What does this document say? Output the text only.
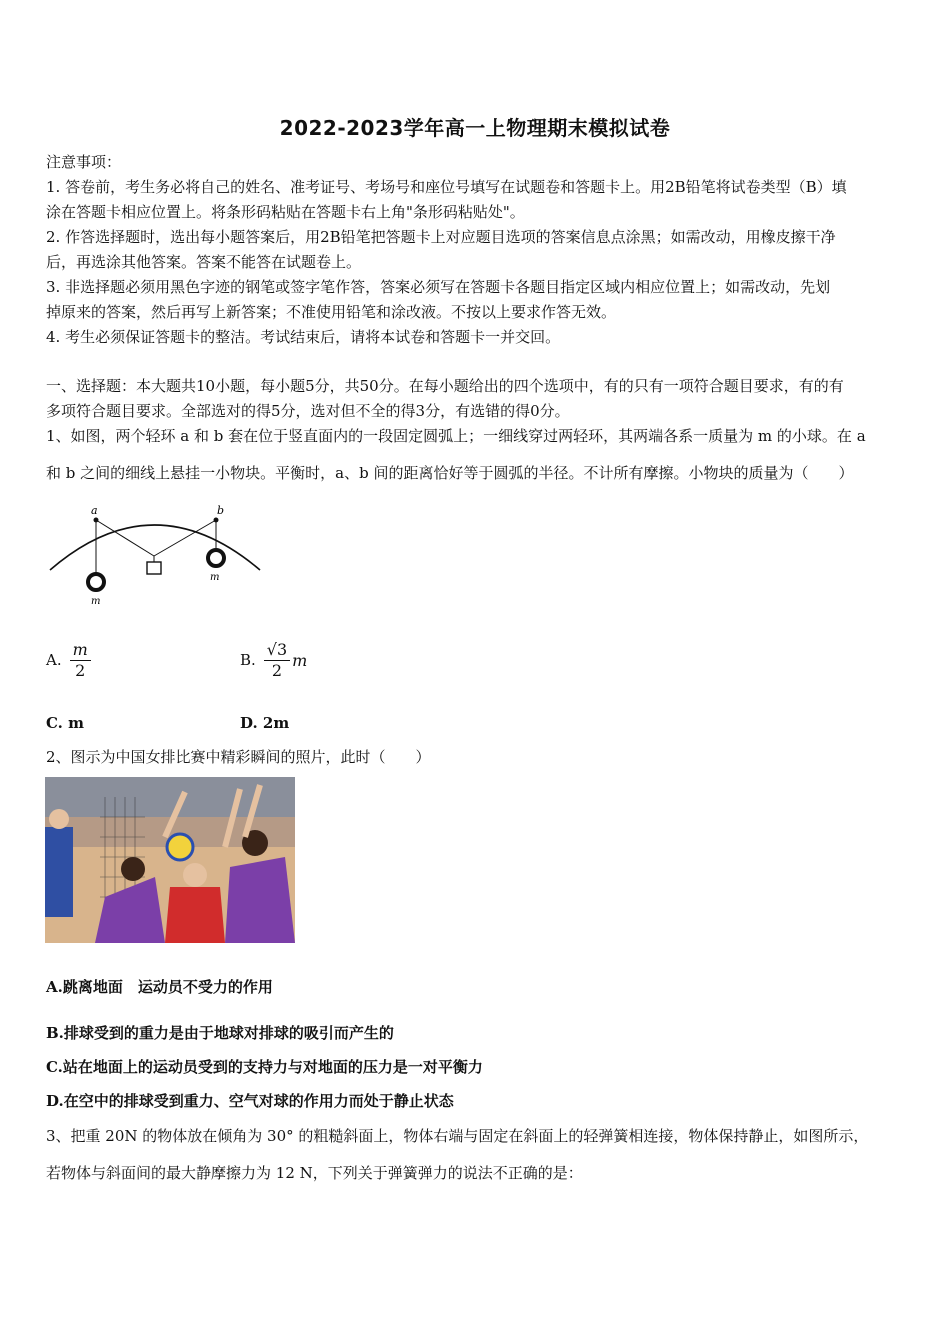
2022-2023学年高一上物理期末模拟试卷
注意事项：
1. 答卷前，考生务必将自己的姓名、准考证号、考场号和座位号填写在试题卷和答题卡上。用2B铅笔将试卷类型（B）填
涂在答题卡相应位置上。将条形码粘贴在答题卡右上角"条形码粘贴处"。
2. 作答选择题时，选出每小题答案后，用2B铅笔把答题卡上对应题目选项的答案信息点涂黑；如需改动，用橡皮擦干净
后，再选涂其他答案。答案不能答在试题卷上。
3. 非选择题必须用黑色字迹的钢笔或签字笔作答，答案必须写在答题卡各题目指定区域内相应位置上；如需改动，先划
掉原来的答案，然后再写上新答案；不准使用铅笔和涂改液。不按以上要求作答无效。
4. 考生必须保证答题卡的整洁。考试结束后，请将本试卷和答题卡一并交回。
一、选择题：本大题共10小题，每小题5分，共50分。在每小题给出的四个选项中，有的只有一项符合题目要求，有的有
多项符合题目要求。全部选对的得5分，选对但不全的得3分，有选错的得0分。
1、如图，两个轻环 a 和 b 套在位于竖直面内的一段固定圆弧上；一细线穿过两轻环，其两端各系一质量为 m 的小球。在 a
和 b 之间的细线上悬挂一小物块。平衡时，a、b 间的距离恰好等于圆弧的半径。不计所有摩擦。小物块的质量为（　　）
a	b
m
m
A. $\frac{m}{2}$	B. $\frac{√3}{2}$ m
C. m	D. 2m
2、图示为中国女排比赛中精彩瞬间的照片，此时（　　）
A.跳离地面　运动员不受力的作用
B.排球受到的重力是由于地球对排球的吸引而产生的
C.站在地面上的运动员受到的支持力与对地面的压力是一对平衡力
D.在空中的排球受到重力、空气对球的作用力而处于静止状态
3、把重 20N 的物体放在倾角为 30° 的粗糙斜面上，物体右端与固定在斜面上的轻弹簧相连接，物体保持静止，如图所示，
若物体与斜面间的最大静摩擦力为 12 N，下列关于弹簧弹力的说法不正确的是：
